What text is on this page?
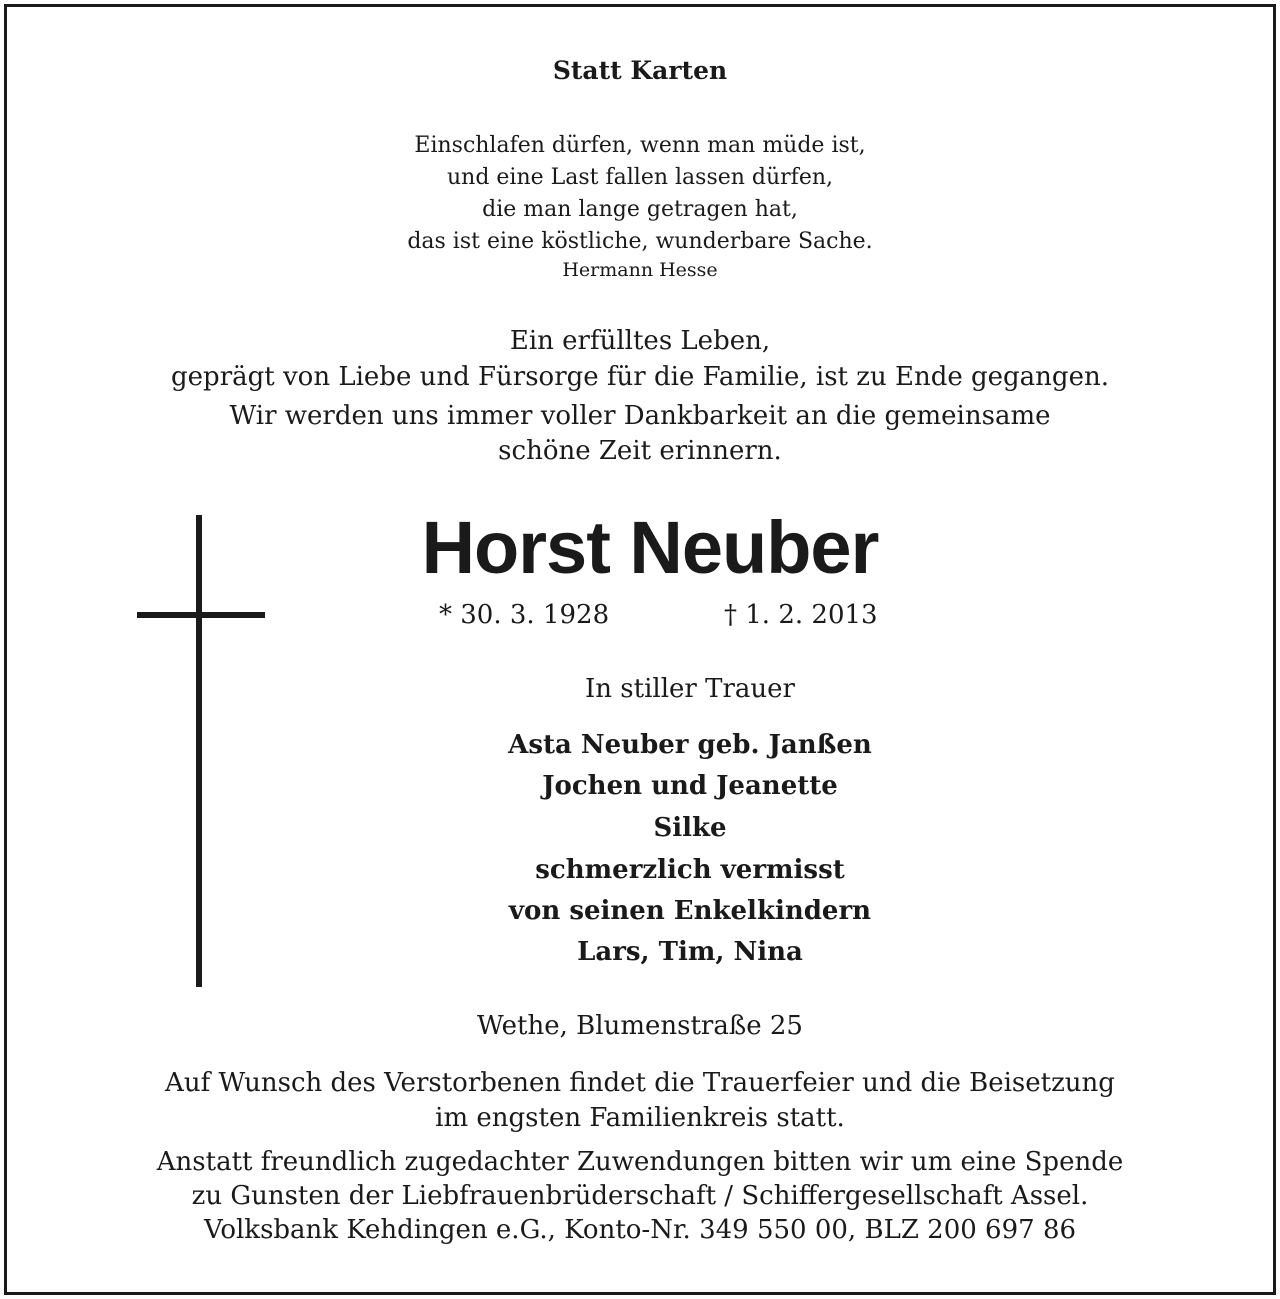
Statt Karten
Einschlafen dürfen, wenn man müde ist,
und eine Last fallen lassen dürfen,
die man lange getragen hat,
das ist eine köstliche, wunderbare Sache.
Hermann Hesse
Ein erfülltes Leben,
geprägt von Liebe und Fürsorge für die Familie, ist zu Ende gegangen.
Wir werden uns immer voller Dankbarkeit an die gemeinsame
schöne Zeit erinnern.
Horst Neuber
* 30. 3. 1928	† 1. 2. 2013
In stiller Trauer
Asta Neuber geb. Janßen
Jochen und Jeanette
Silke
schmerzlich vermisst
von seinen Enkelkindern
Lars, Tim, Nina
Wethe, Blumenstraße 25
Auf Wunsch des Verstorbenen findet die Trauerfeier und die Beisetzung
im engsten Familienkreis statt.
Anstatt freundlich zugedachter Zuwendungen bitten wir um eine Spende
zu Gunsten der Liebfrauenbrüderschaft / Schiffergesellschaft Assel.
Volksbank Kehdingen e.G., Konto-Nr. 349 550 00, BLZ 200 697 86
